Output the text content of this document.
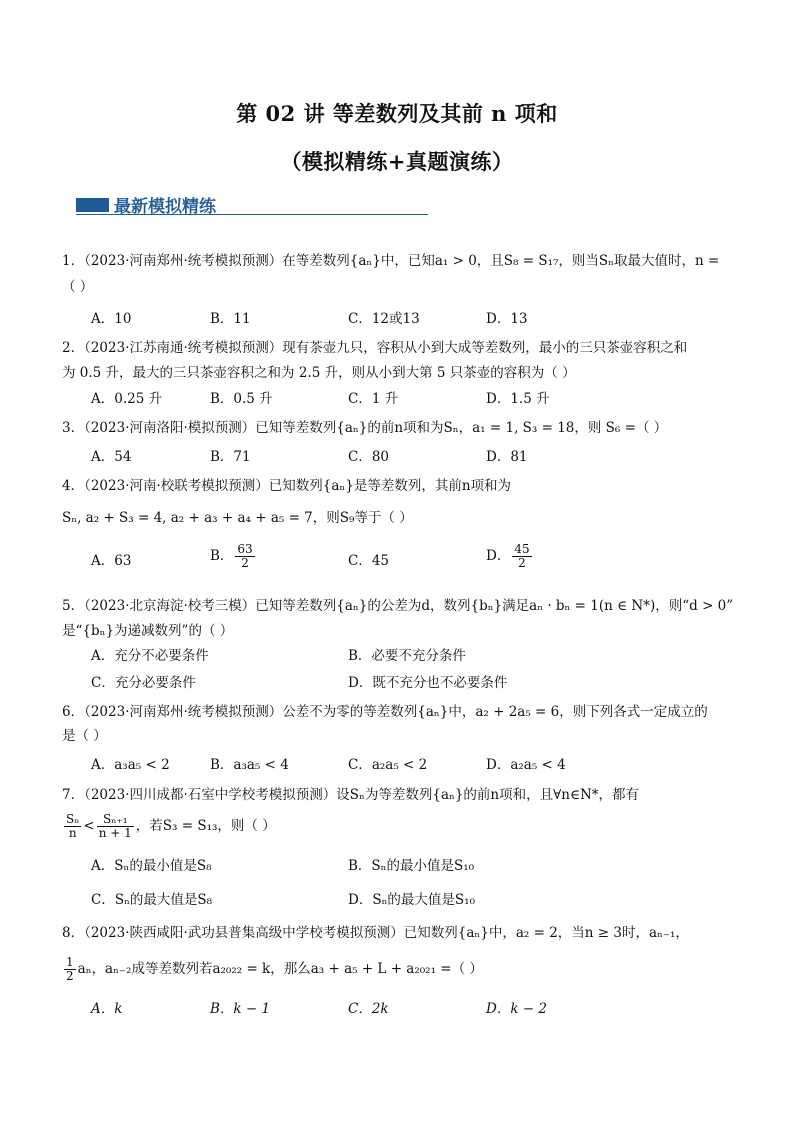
第 02 讲 等差数列及其前 n 项和
（模拟精练+真题演练）
最新模拟精练
1．（2023·河南郑州·统考模拟预测）在等差数列{aₙ}中，已知a₁ > 0，且S₈ = S₁₇，则当Sₙ取最大值时，n =
（ ）
A．10	B．11	C．12或13	D．13
2．（2023·江苏南通·统考模拟预测）现有茶壶九只，容积从小到大成等差数列，最小的三只茶壶容积之和
为 0.5 升，最大的三只茶壶容积之和为 2.5 升，则从小到大第 5 只茶壶的容积为（ ）
A．0.25 升	B．0.5 升	C．1 升	D．1.5 升
3．（2023·河南洛阳·模拟预测）已知等差数列{aₙ}的前n项和为Sₙ，a₁ = 1, S₃ = 18，则 S₆ =（ ）
A．54	B．71	C．80	D．81
4．（2023·河南·校联考模拟预测）已知数列{aₙ}是等差数列，其前n项和为
Sₙ, a₂ + S₃ = 4, a₂ + a₃ + a₄ + a₅ = 7，则S₉等于（ ）
A．63	B． $\frac{63}{2}$	C．45	D． $\frac{45}{2}$
5．（2023·北京海淀·校考三模）已知等差数列{aₙ}的公差为d，数列{bₙ}满足aₙ · bₙ = 1(n ∈ N*)，则“d > 0”
是“{bₙ}为递减数列”的（ ）
A．充分不必要条件	B．必要不充分条件
C．充分必要条件	D．既不充分也不必要条件
6．（2023·河南郑州·统考模拟预测）公差不为零的等差数列{aₙ}中，a₂ + 2a₅ = 6，则下列各式一定成立的
是（ ）
A．a₃a₅ < 2	B．a₃a₅ < 4	C．a₂a₅ < 2	D．a₂a₅ < 4
7．（2023·四川成都·石室中学校考模拟预测）设Sₙ为等差数列{aₙ}的前n项和，且∀n∈N*，都有
$\frac{\text{Sₙ}}{n} < \frac{\text{Sₙ₊₁}}{n + 1}$ ，若S₃ = S₁₃，则（ ）
A．Sₙ的最小值是S₈	B．Sₙ的最小值是S₁₀
C．Sₙ的最大值是S₈	D．Sₙ的最大值是S₁₀
8．（2023·陕西咸阳·武功县普集高级中学校考模拟预测）已知数列{aₙ}中，a₂ = 2，当n ≥ 3时，aₙ₋₁，
$\frac{1}{2}$ aₙ，aₙ₋₂成等差数列若a₂₀₂₂ = k，那么a₃ + a₅ + L + a₂₀₂₁ =（ ）
A．k	B．k − 1	C．2k	D．k − 2
